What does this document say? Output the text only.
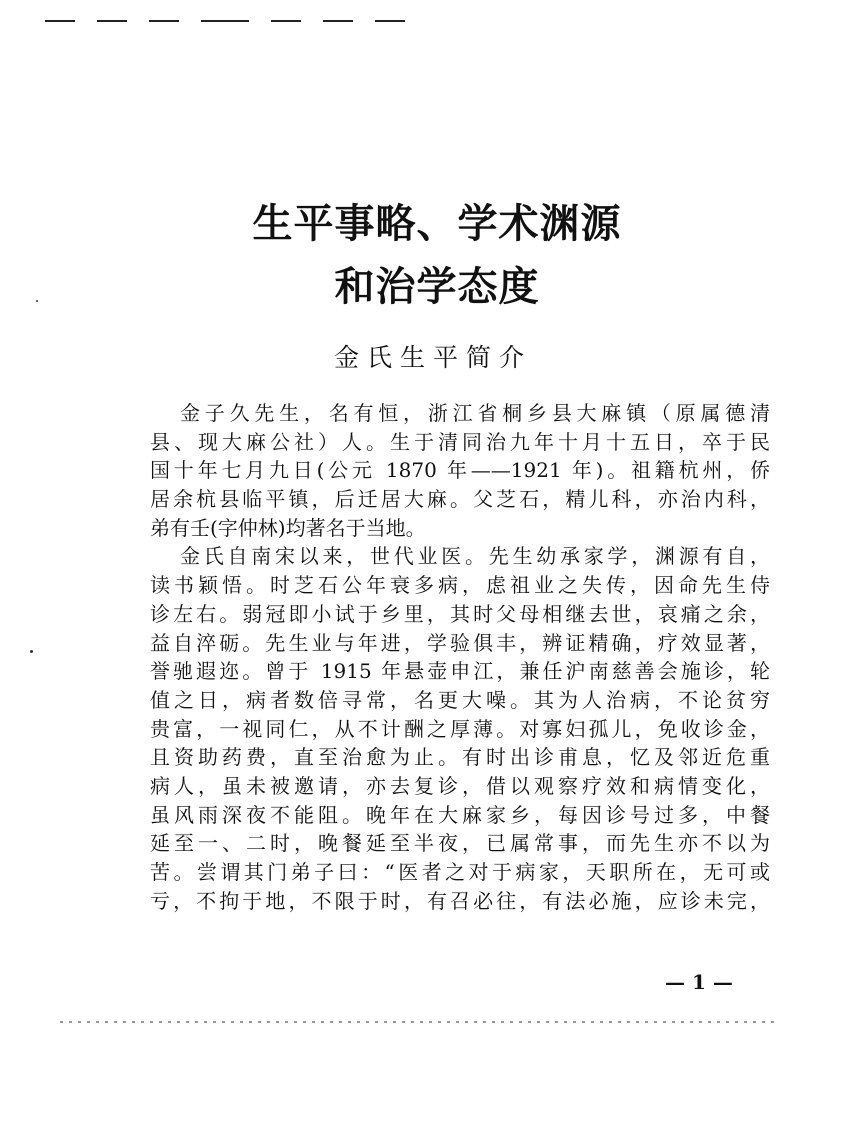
生平事略、学术渊源
和治学态度
金氏生平简介
金子久先生，名有恒，浙江省桐乡县大麻镇（原属德清
县、现大麻公社）人。生于清同治九年十月十五日，卒于民
国十年七月九日(公元 1870 年——1921 年)。祖籍杭州，侨
居余杭县临平镇，后迁居大麻。父芝石，精儿科，亦治内科，
弟有壬(字仲林)均著名于当地。
金氏自南宋以来，世代业医。先生幼承家学，渊源有自，
读书颖悟。时芝石公年衰多病，虑祖业之失传，因命先生侍
诊左右。弱冠即小试于乡里，其时父母相继去世，哀痛之余，
益自淬砺。先生业与年进，学验俱丰，辨证精确，疗效显著，
誉驰遐迩。曾于 1915 年悬壶申江，兼任沪南慈善会施诊，轮
值之日，病者数倍寻常，名更大噪。其为人治病，不论贫穷
贵富，一视同仁，从不计酬之厚薄。对寡妇孤儿，免收诊金，
且资助药费，直至治愈为止。有时出诊甫息，忆及邻近危重
病人，虽未被邀请，亦去复诊，借以观察疗效和病情变化，
虽风雨深夜不能阻。晚年在大麻家乡，每因诊号过多，中餐
延至一、二时，晚餐延至半夜，已属常事，而先生亦不以为
苦。尝谓其门弟子曰：“医者之对于病家，天职所在，无可或
亏，不拘于地，不限于时，有召必往，有法必施，应诊未完，
— 1 —
